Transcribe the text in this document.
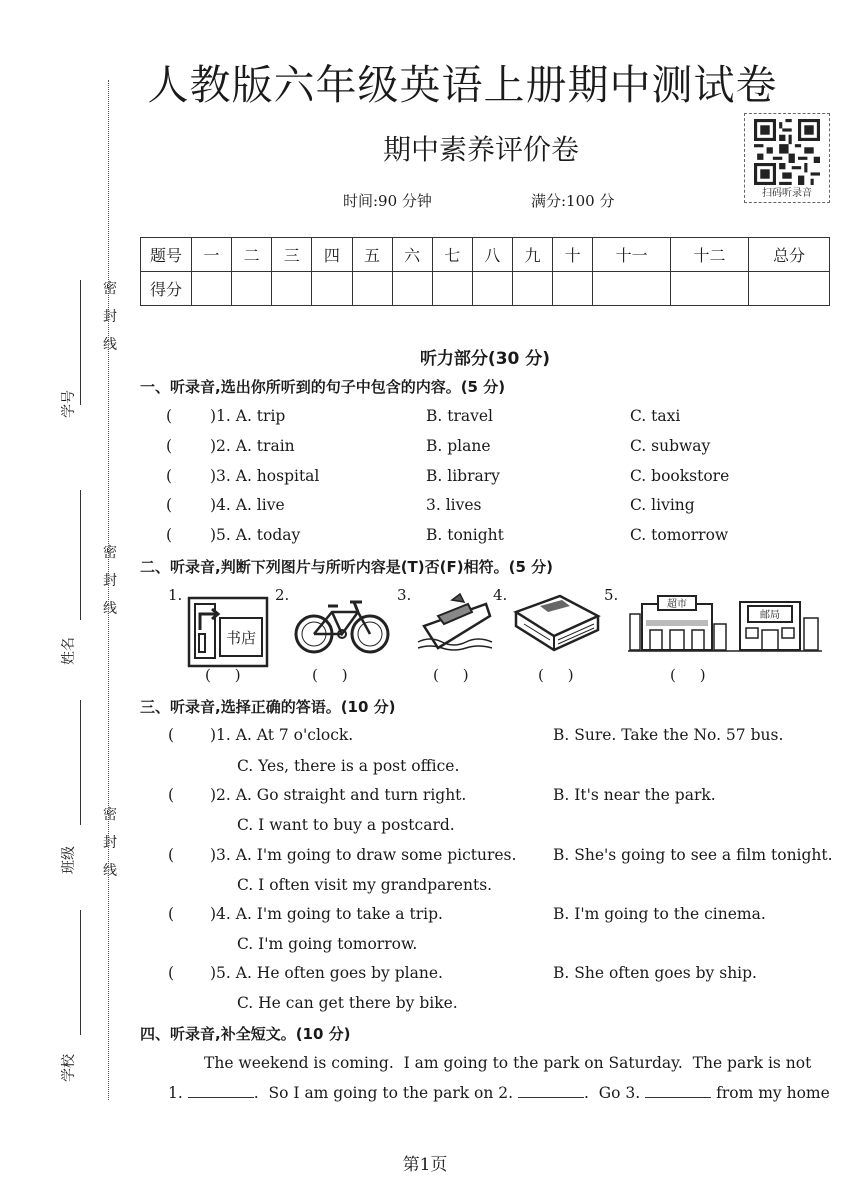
人教版六年级英语上册期中测试卷
期中素养评价卷
时间:90 分钟	满分:100 分	扫码听录音
题号	一	二	三	四	五	六	七	八	九	十	十一	十二	总分
得分													
密
封
线
密
封
线
密
封
线
学号
姓名
班级
学校
听力部分(30 分)
一、听录音,选出你所听到的句子中包含的内容。(5 分)
( )1. A. trip	B. travel	C. taxi
( )2. A. train	B. plane	C. subway
( )3. A. hospital	B. library	C. bookstore
( )4. A. live	3. lives	C. living
( )5. A. today	B. tonight	C. tomorrow
二、听录音,判断下列图片与所听内容是(T)否(F)相符。(5 分)
1.
书店
2.	3.	4.	5.
超市
邮局
(     )	(     )	(     )	(     )	(     )
三、听录音,选择正确的答语。(10 分)
( )1. A. At 7 o'clock.	B. Sure. Take the No. 57 bus.
C. Yes, there is a post office.
( )2. A. Go straight and turn right.	B. It's near the park.
C. I want to buy a postcard.
( )3. A. I'm going to draw some pictures. B. She's going to see a film tonight.
C. I often visit my grandparents.
( )4. A. I'm going to take a trip.	B. I'm going to the cinema.
C. I'm going tomorrow.
( )5. A. He often goes by plane.	B. She often goes by ship.
C. He can get there by bike.
四、听录音,补全短文。(10 分)
The weekend is coming.  I am going to the park on Saturday.  The park is not
1.	.  So I am going to the park on 2.	.  Go 3.	from my home
第1页
